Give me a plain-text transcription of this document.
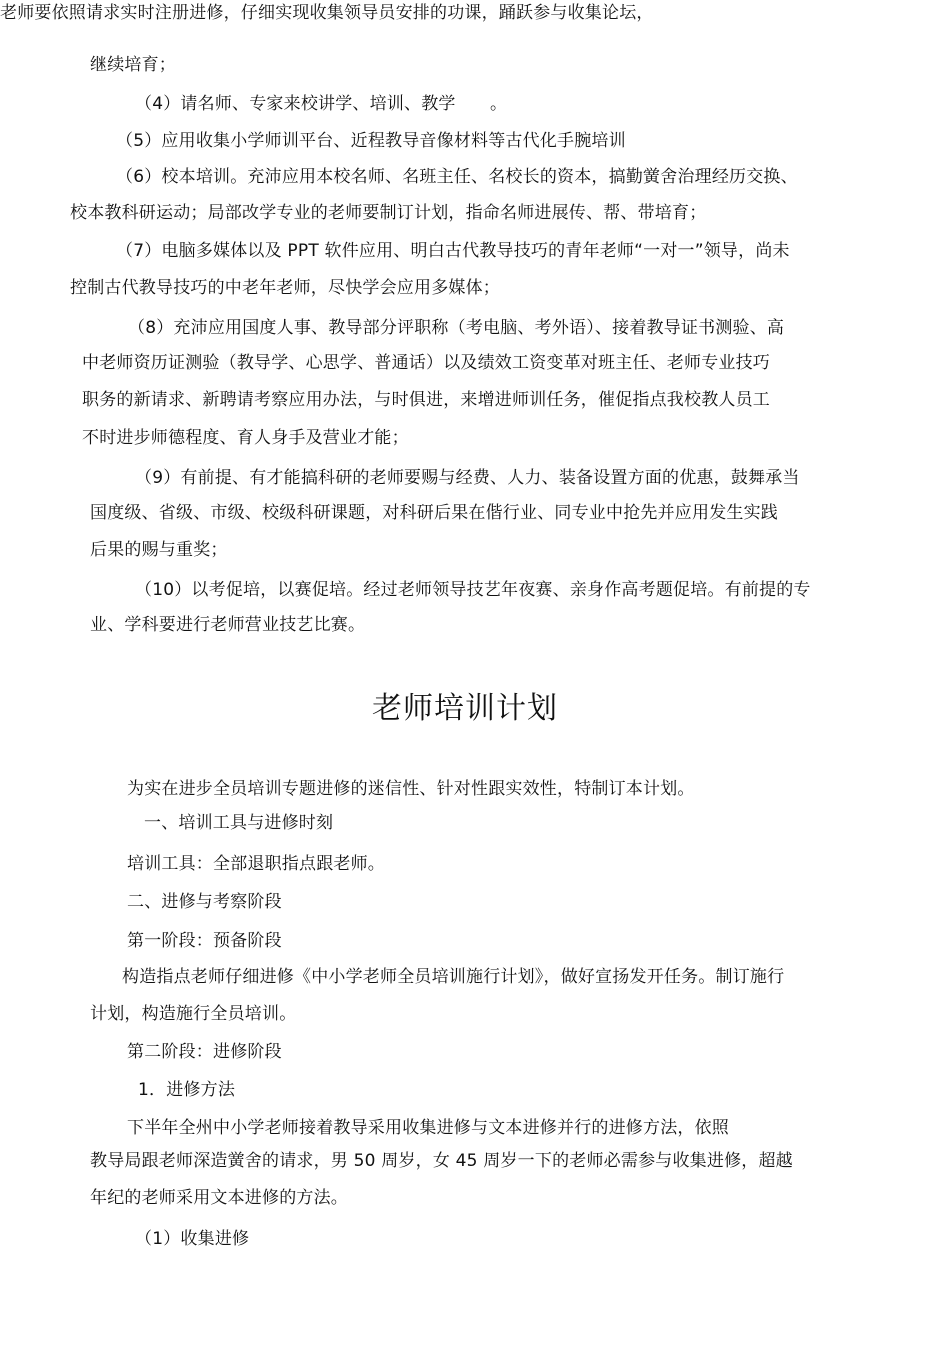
老师要依照请求实时注册进修，仔细实现收集领导员安排的功课，踊跃参与收集论坛，
继续培育；
（4）请名师、专家来校讲学、培训、教学　　。
（5）应用收集小学师训平台、近程教导音像材料等古代化手腕培训
（6）校本培训。充沛应用本校名师、名班主任、名校长的资本，搞勤黉舍治理经历交换、
校本教科研运动；局部改学专业的老师要制订计划，指命名师进展传、帮、带培育；
（7）电脑多媒体以及 PPT 软件应用、明白古代教导技巧的青年老师“一对一”领导，尚未
控制古代教导技巧的中老年老师，尽快学会应用多媒体；
（8）充沛应用国度人事、教导部分评职称（考电脑、考外语）、接着教导证书测验、高
中老师资历证测验（教导学、心思学、普通话）以及绩效工资变革对班主任、老师专业技巧
职务的新请求、新聘请考察应用办法，与时俱进，来增进师训任务，催促指点我校教人员工
不时进步师德程度、育人身手及营业才能；
（9）有前提、有才能搞科研的老师要赐与经费、人力、装备设置方面的优惠，鼓舞承当
国度级、省级、市级、校级科研课题，对科研后果在偕行业、同专业中抢先并应用发生实践
后果的赐与重奖；
（10）以考促培，以赛促培。经过老师领导技艺年夜赛、亲身作高考题促培。有前提的专
业、学科要进行老师营业技艺比赛。
老师培训计划
为实在进步全员培训专题进修的迷信性、针对性跟实效性，特制订本计划。
一、培训工具与进修时刻
培训工具：全部退职指点跟老师。
二、进修与考察阶段
第一阶段：预备阶段
构造指点老师仔细进修《中小学老师全员培训施行计划》，做好宣扬发开任务。制订施行
计划，构造施行全员培训。
第二阶段：进修阶段
1．进修方法
下半年全州中小学老师接着教导采用收集进修与文本进修并行的进修方法，依照
教导局跟老师深造黉舍的请求，男 50 周岁，女 45 周岁一下的老师必需参与收集进修，超越
年纪的老师采用文本进修的方法。
（1）收集进修
